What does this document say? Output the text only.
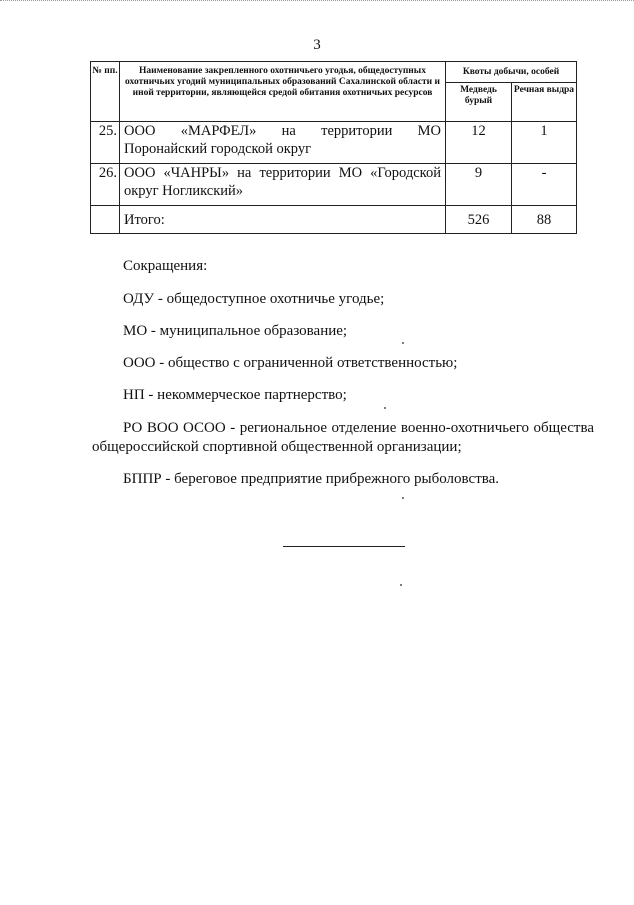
3
№ пп.	Наименование закрепленного охотничьего угодья, общедоступных охотничьих угодий муниципальных образований Сахалинской области и иной территории, являющейся средой обитания охотничьих ресурсов	Квоты добычи, особей	
		Медведь бурый	Речная выдра
25.	ООО «МАРФЕЛ» на территории МО Поронайский городской округ	12	1
26.	ООО «ЧАНРЫ» на территории МО «Городской округ Ногликский»	9	-
	Итого:	526	88
Сокращения:
ОДУ - общедоступное охотничье угодье;
МО - муниципальное образование;
ООО - общество с ограниченной ответственностью;
НП - некоммерческое партнерство;
РО ВОО ОСОО - региональное отделение военно-охотничьего общества общероссийской спортивной общественной организации;
БППР - береговое предприятие прибрежного рыболовства.
